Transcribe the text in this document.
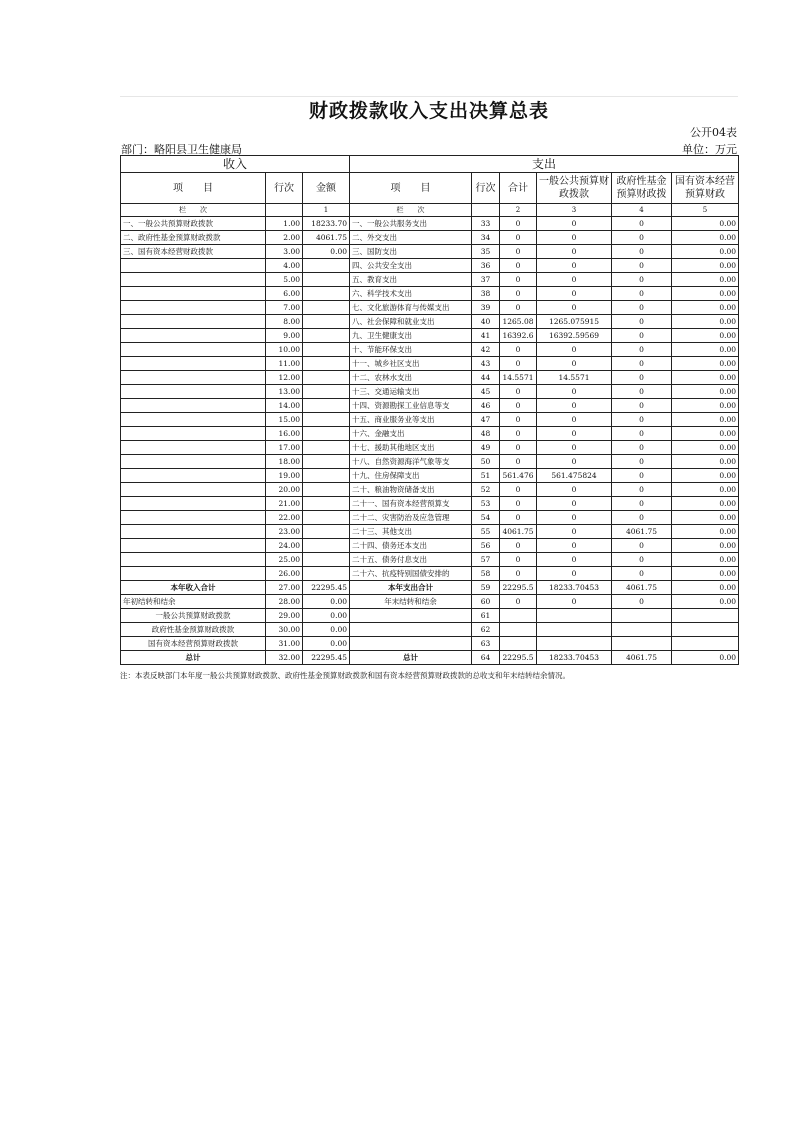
财政拨款收入支出决算总表
公开04表
部门：略阳县卫生健康局	单位：万元
收入			支出					
项　　目	行次	金额	项　　目	行次	合计	一般公共预算财政拨款	政府性基金预算财政拨	国有资本经营预算财政
栏　　次		1	栏　　次		2	3	4	5
一、一般公共预算财政拨款	1.00	18233.70	一、一般公共服务支出	33	0	0	0	0.00
二、政府性基金预算财政拨款	2.00	4061.75	二、外交支出	34	0	0	0	0.00
三、国有资本经营财政拨款	3.00	0.00	三、国防支出	35	0	0	0	0.00
	4.00		四、公共安全支出	36	0	0	0	0.00
	5.00		五、教育支出	37	0	0	0	0.00
	6.00		六、科学技术支出	38	0	0	0	0.00
	7.00		七、文化旅游体育与传媒支出	39	0	0	0	0.00
	8.00		八、社会保障和就业支出	40	1265.08	1265.075915	0	0.00
	9.00		九、卫生健康支出	41	16392.6	16392.59569	0	0.00
	10.00		十、节能环保支出	42	0	0	0	0.00
	11.00		十一、城乡社区支出	43	0	0	0	0.00
	12.00		十二、农林水支出	44	14.5571	14.5571	0	0.00
	13.00		十三、交通运输支出	45	0	0	0	0.00
	14.00		十四、资源勘探工业信息等支	46	0	0	0	0.00
	15.00		十五、商业服务业等支出	47	0	0	0	0.00
	16.00		十六、金融支出	48	0	0	0	0.00
	17.00		十七、援助其他地区支出	49	0	0	0	0.00
	18.00		十八、自然资源海洋气象等支	50	0	0	0	0.00
	19.00		十九、住房保障支出	51	561.476	561.475824	0	0.00
	20.00		二十、粮油物资储备支出	52	0	0	0	0.00
	21.00		二十一、国有资本经营预算支	53	0	0	0	0.00
	22.00		二十二、灾害防治及应急管理	54	0	0	0	0.00
	23.00		二十三、其他支出	55	4061.75	0	4061.75	0.00
	24.00		二十四、债务还本支出	56	0	0	0	0.00
	25.00		二十五、债务付息支出	57	0	0	0	0.00
	26.00		二十六、抗疫特别国债安排的	58	0	0	0	0.00
本年收入合计	27.00	22295.45	本年支出合计	59	22295.5	18233.70453	4061.75	0.00
年初结转和结余	28.00	0.00	年末结转和结余	60	0	0	0	0.00
一般公共预算财政拨款	29.00	0.00		61				
政府性基金预算财政拨款	30.00	0.00		62				
国有资本经营预算财政拨款	31.00	0.00		63				
总计	32.00	22295.45	总计	64	22295.5	18233.70453	4061.75	0.00
注：本表反映部门本年度一般公共预算财政拨款、政府性基金预算财政拨款和国有资本经营预算财政拨款的总收支和年末结转结余情况。
